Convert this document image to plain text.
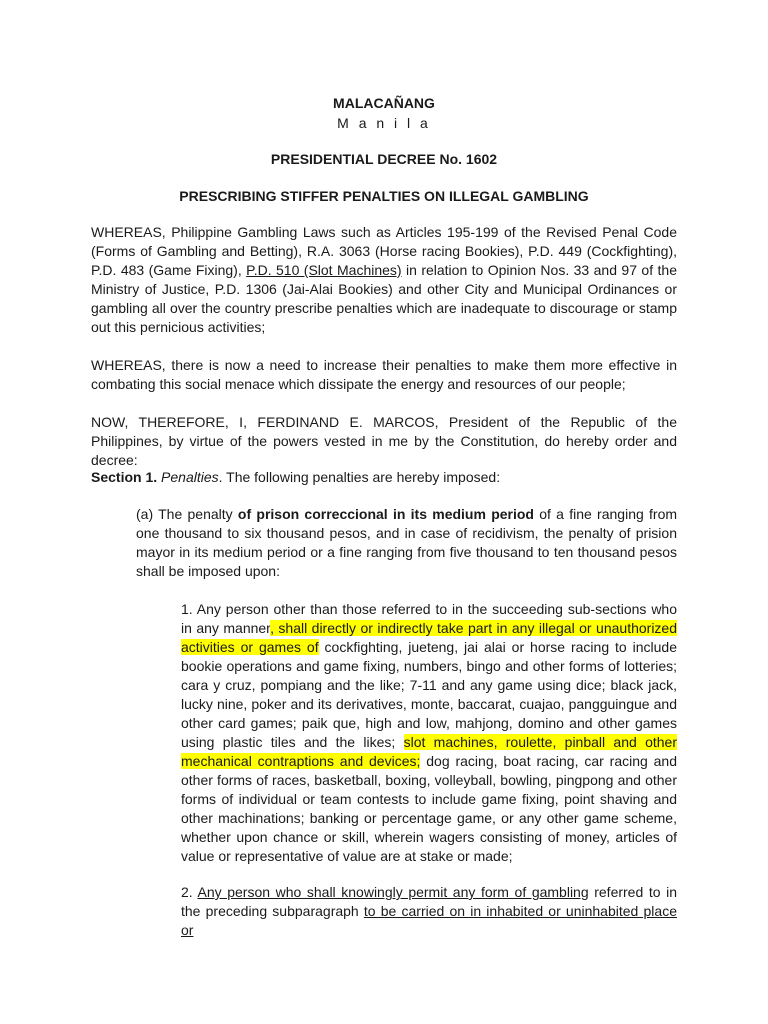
MALACAÑANG
M a n i l a
PRESIDENTIAL DECREE No. 1602
PRESCRIBING STIFFER PENALTIES ON ILLEGAL GAMBLING
WHEREAS, Philippine Gambling Laws such as Articles 195-199 of the Revised Penal Code (Forms of Gambling and Betting), R.A. 3063 (Horse racing Bookies), P.D. 449 (Cockfighting), P.D. 483 (Game Fixing), P.D. 510 (Slot Machines) in relation to Opinion Nos. 33 and 97 of the Ministry of Justice, P.D. 1306 (Jai-Alai Bookies) and other City and Municipal Ordinances or gambling all over the country prescribe penalties which are inadequate to discourage or stamp out this pernicious activities;
WHEREAS, there is now a need to increase their penalties to make them more effective in combating this social menace which dissipate the energy and resources of our people;
NOW, THEREFORE, I, FERDINAND E. MARCOS, President of the Republic of the Philippines, by virtue of the powers vested in me by the Constitution, do hereby order and decree:
Section 1. Penalties. The following penalties are hereby imposed:
(a) The penalty of prison correccional in its medium period of a fine ranging from one thousand to six thousand pesos, and in case of recidivism, the penalty of prision mayor in its medium period or a fine ranging from five thousand to ten thousand pesos shall be imposed upon:
1. Any person other than those referred to in the succeeding sub-sections who in any manner, shall directly or indirectly take part in any illegal or unauthorized activities or games of cockfighting, jueteng, jai alai or horse racing to include bookie operations and game fixing, numbers, bingo and other forms of lotteries; cara y cruz, pompiang and the like; 7-11 and any game using dice; black jack, lucky nine, poker and its derivatives, monte, baccarat, cuajao, pangguingue and other card games; paik que, high and low, mahjong, domino and other games using plastic tiles and the likes; slot machines, roulette, pinball and other mechanical contraptions and devices; dog racing, boat racing, car racing and other forms of races, basketball, boxing, volleyball, bowling, pingpong and other forms of individual or team contests to include game fixing, point shaving and other machinations; banking or percentage game, or any other game scheme, whether upon chance or skill, wherein wagers consisting of money, articles of value or representative of value are at stake or made;
2. Any person who shall knowingly permit any form of gambling referred to in the preceding subparagraph to be carried on in inhabited or uninhabited place or
